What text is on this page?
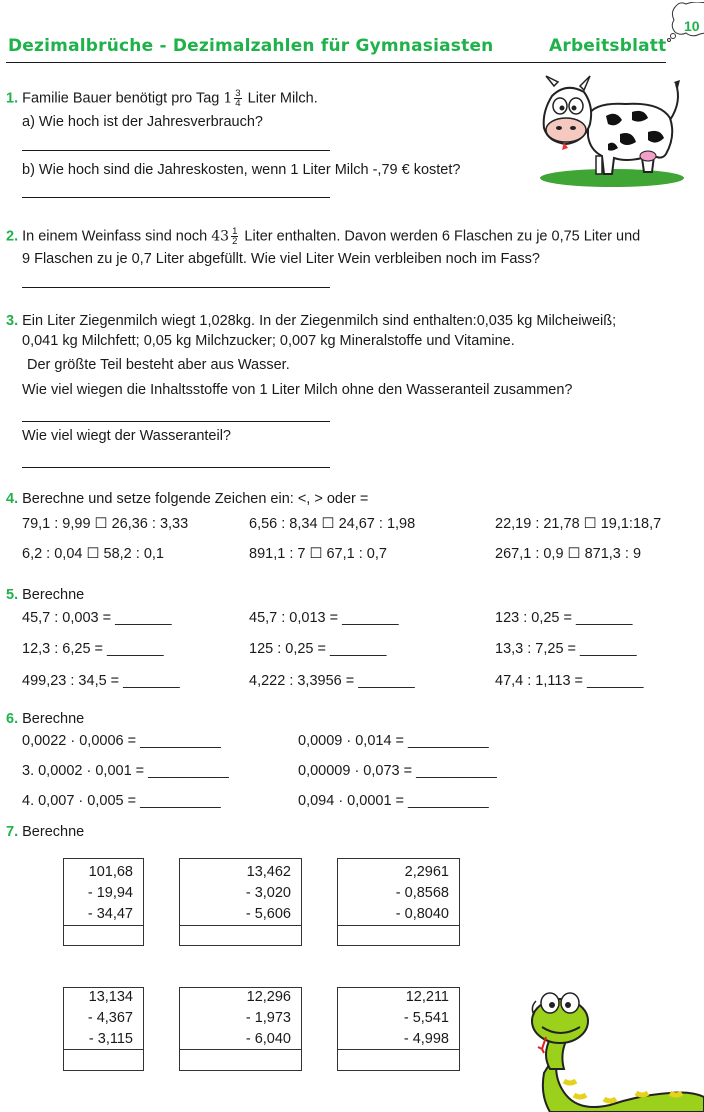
Dezimalbrüche - Dezimalzahlen für Gymnasiasten	Arbeitsblatt
10
1. Familie Bauer benötigt pro Tag $1 \frac{3}{4}$ Liter Milch.
a) Wie hoch ist der Jahresverbrauch?
b) Wie hoch sind die Jahreskosten, wenn 1 Liter Milch -,79 € kostet?
2. In einem Weinfass sind noch $43 \frac{1}{2}$ Liter enthalten. Davon werden 6 Flaschen zu je 0,75 Liter und
9 Flaschen zu je 0,7 Liter abgefüllt. Wie viel Liter Wein verbleiben noch im Fass?
3. Ein Liter Ziegenmilch wiegt 1,028kg. In der Ziegenmilch sind enthalten:0,035 kg Milcheiweiß;
0,041 kg Milchfett; 0,05 kg Milchzucker; 0,007 kg Mineralstoffe und Vitamine.
Der größte Teil besteht aber aus Wasser.
Wie viel wiegen die Inhaltsstoffe von 1 Liter Milch ohne den Wasseranteil zusammen?
Wie viel wiegt der Wasseranteil?
4. Berechne und setze folgende Zeichen ein: <, > oder =
79,1 : 9,99 ☐ 26,36 : 3,33	6,56 : 8,34 ☐ 24,67 : 1,98	22,19 : 21,78 ☐ 19,1:18,7
6,2 : 0,04 ☐ 58,2 : 0,1	891,1 : 7 ☐ 67,1 : 0,7	267,1 : 0,9 ☐ 871,3 : 9
5. Berechne
45,7 : 0,003 = _______	45,7 : 0,013 = _______	123 : 0,25 = _______
12,3 : 6,25 = _______	125 : 0,25 = _______	13,3 : 7,25 = _______
499,23 : 34,5 = _______	4,222 : 3,3956 = _______	47,4 : 1,113 = _______
6. Berechne
0,0022 · 0,0006 = __________	0,0009 · 0,014 = __________
3. 0,0002 · 0,001 = __________	0,00009 · 0,073 = __________
4. 0,007 · 0,005 = __________	0,094 · 0,0001 = __________
7. Berechne
101,68
- 19,94
- 34,47
13,462
- 3,020
- 5,606
2,2961
- 0,8568
- 0,8040
13,134
- 4,367
- 3,115
12,296
- 1,973
- 6,040
12,211
- 5,541
- 4,998
